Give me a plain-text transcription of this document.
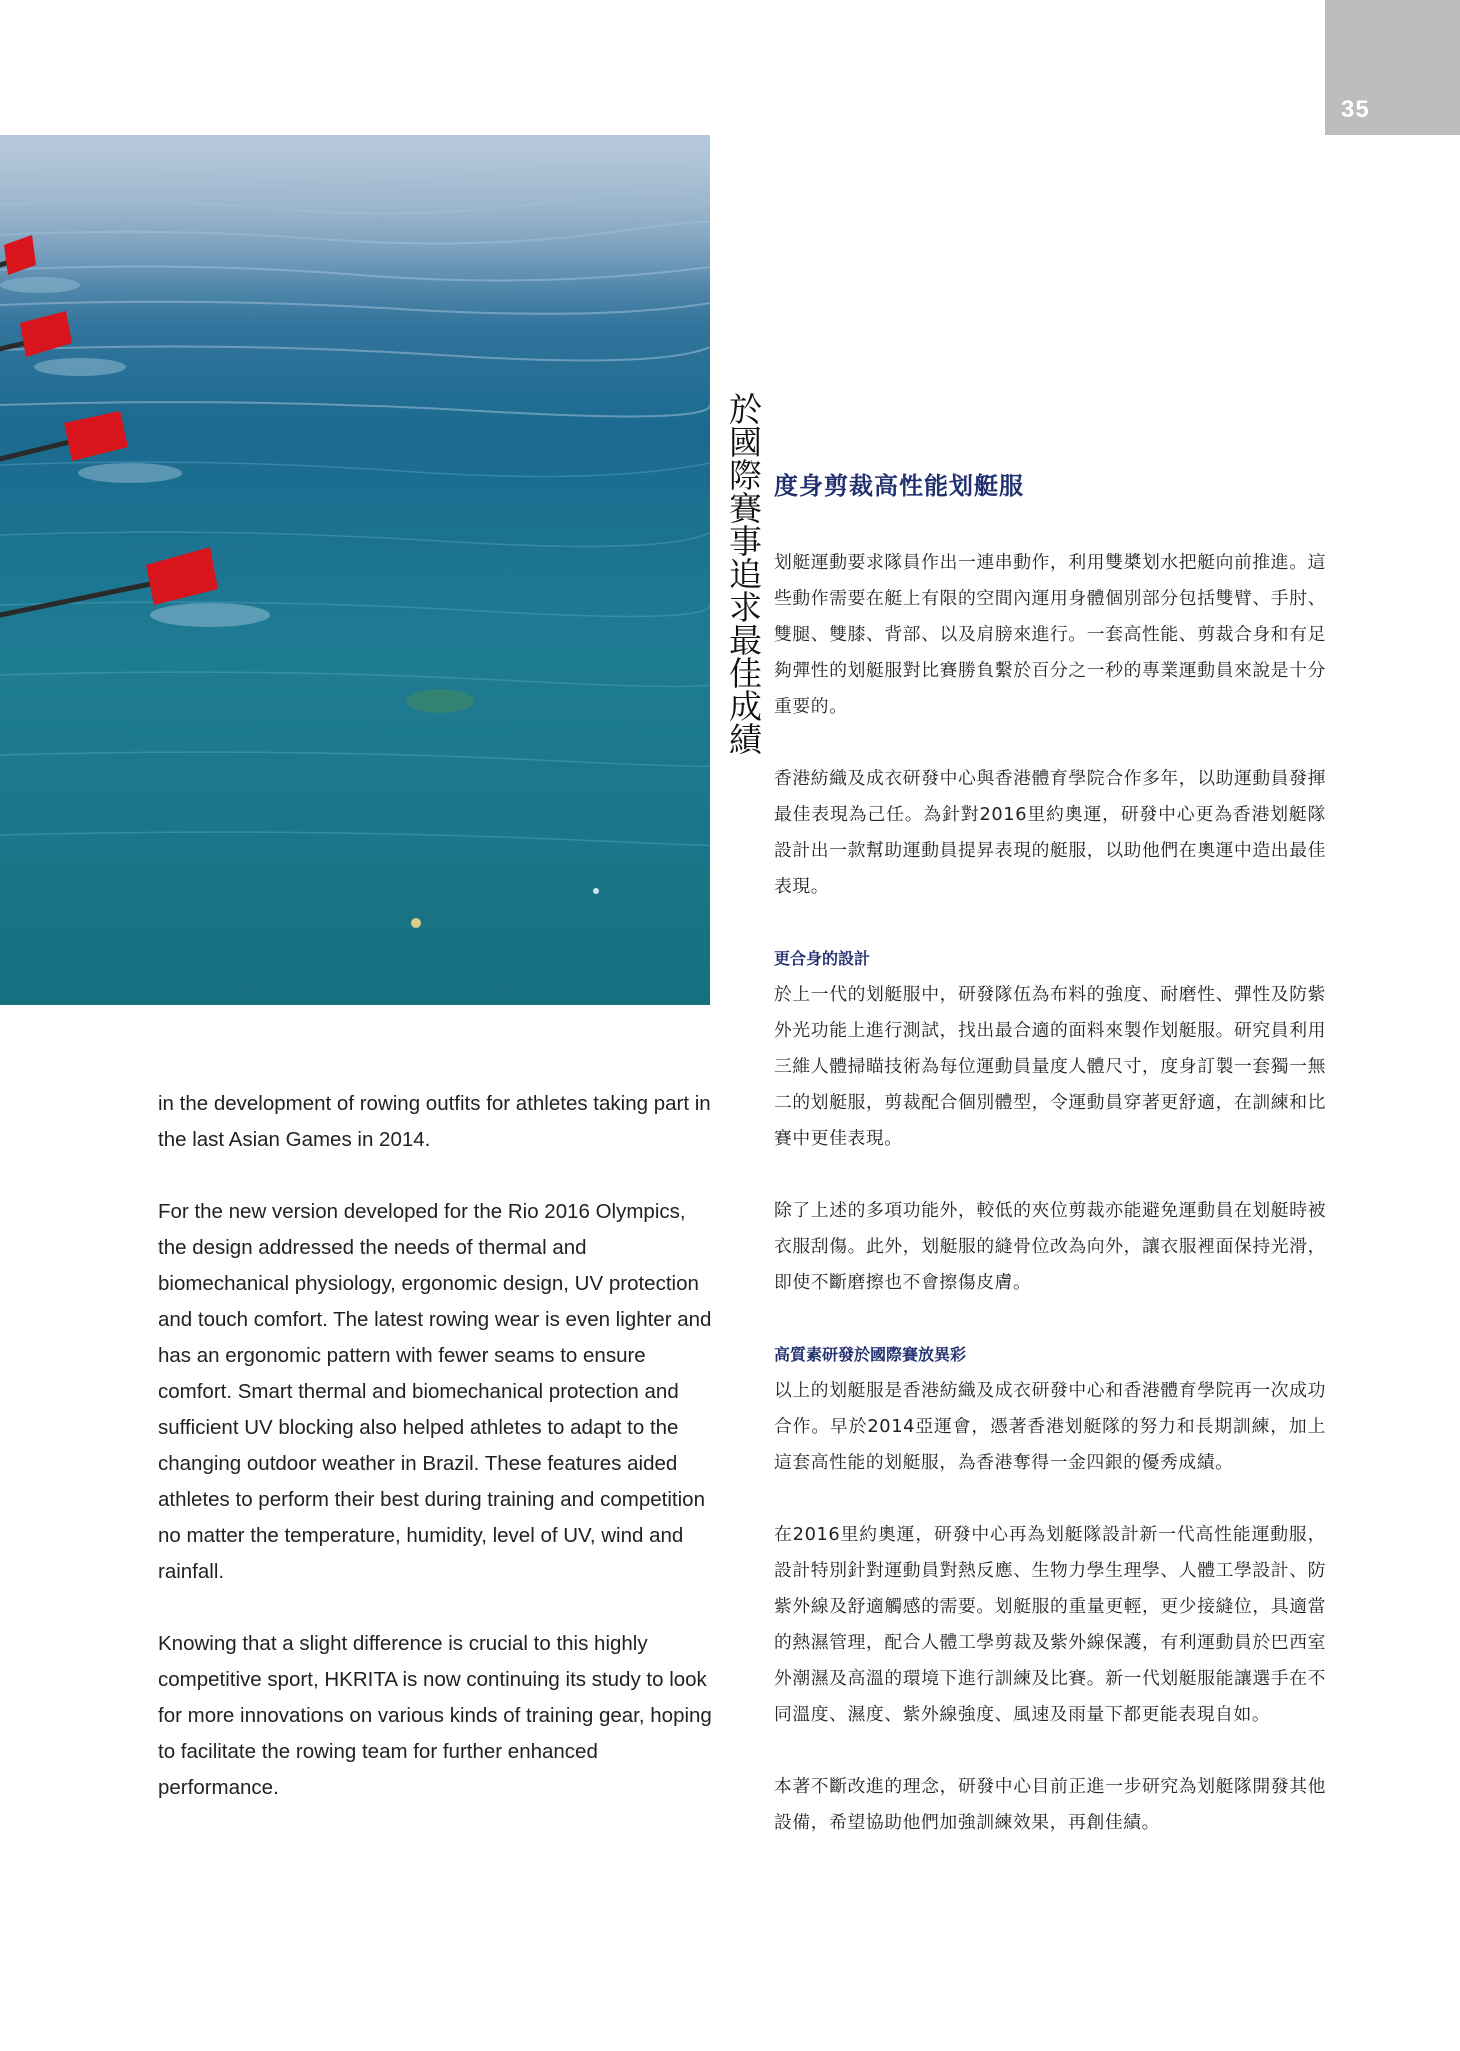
35
於國際賽事追求最佳成績 度身剪裁高性能划艇服

划艇運動要求隊員作出一連串動作，利用雙槳划水把艇向前推進。這些動作需要在艇上有限的空間內運用身體個別部分包括雙臂、手肘、雙腿、雙膝、背部、以及肩膀來進行。一套高性能、剪裁合身和有足夠彈性的划艇服對比賽勝負繫於百分之一秒的專業運動員來說是十分重要的。

香港紡織及成衣研發中心與香港體育學院合作多年，以助運動員發揮最佳表現為己任。為針對2016里約奧運，研發中心更為香港划艇隊設計出一款幫助運動員提昇表現的艇服，以助他們在奧運中造出最佳表現。

更合身的設計

於上一代的划艇服中，研發隊伍為布料的強度、耐磨性、彈性及防紫外光功能上進行測試，找出最合適的面料來製作划艇服。研究員利用三維人體掃瞄技術為每位運動員量度人體尺寸，度身訂製一套獨一無二的划艇服，剪裁配合個別體型，令運動員穿著更舒適，在訓練和比賽中更佳表現。

除了上述的多項功能外，較低的夾位剪裁亦能避免運動員在划艇時被衣服刮傷。此外，划艇服的縫骨位改為向外，讓衣服裡面保持光滑，即使不斷磨擦也不會擦傷皮膚。

高質素研發於國際賽放異彩

以上的划艇服是香港紡織及成衣研發中心和香港體育學院再一次成功合作。早於2014亞運會，憑著香港划艇隊的努力和長期訓練，加上這套高性能的划艇服，為香港奪得一金四銀的優秀成績。

在2016里約奧運，研發中心再為划艇隊設計新一代高性能運動服，設計特別針對運動員對熱反應、生物力學生理學、人體工學設計、防紫外線及舒適觸感的需要。划艇服的重量更輕，更少接縫位，具適當的熱濕管理，配合人體工學剪裁及紫外線保護，有利運動員於巴西室外潮濕及高溫的環境下進行訓練及比賽。新一代划艇服能讓選手在不同溫度、濕度、紫外線強度、風速及雨量下都更能表現自如。

本著不斷改進的理念，研發中心目前正進一步研究為划艇隊開發其他設備，希望協助他們加強訓練效果，再創佳績。

in the development of rowing outfits for athletes taking part in the last Asian Games in 2014.

For the new version developed for the Rio 2016 Olympics, the design addressed the needs of thermal and biomechanical physiology, ergonomic design, UV protection and touch comfort. The latest rowing wear is even lighter and has an ergonomic pattern with fewer seams to ensure comfort. Smart thermal and biomechanical protection and sufficient UV blocking also helped athletes to adapt to the changing outdoor weather in Brazil. These features aided athletes to perform their best during training and competition no matter the temperature, humidity, level of UV, wind and rainfall.

Knowing that a slight difference is crucial to this highly competitive sport, HKRITA is now continuing its study to look for more innovations on various kinds of training gear, hoping to facilitate the rowing team for further enhanced performance.
